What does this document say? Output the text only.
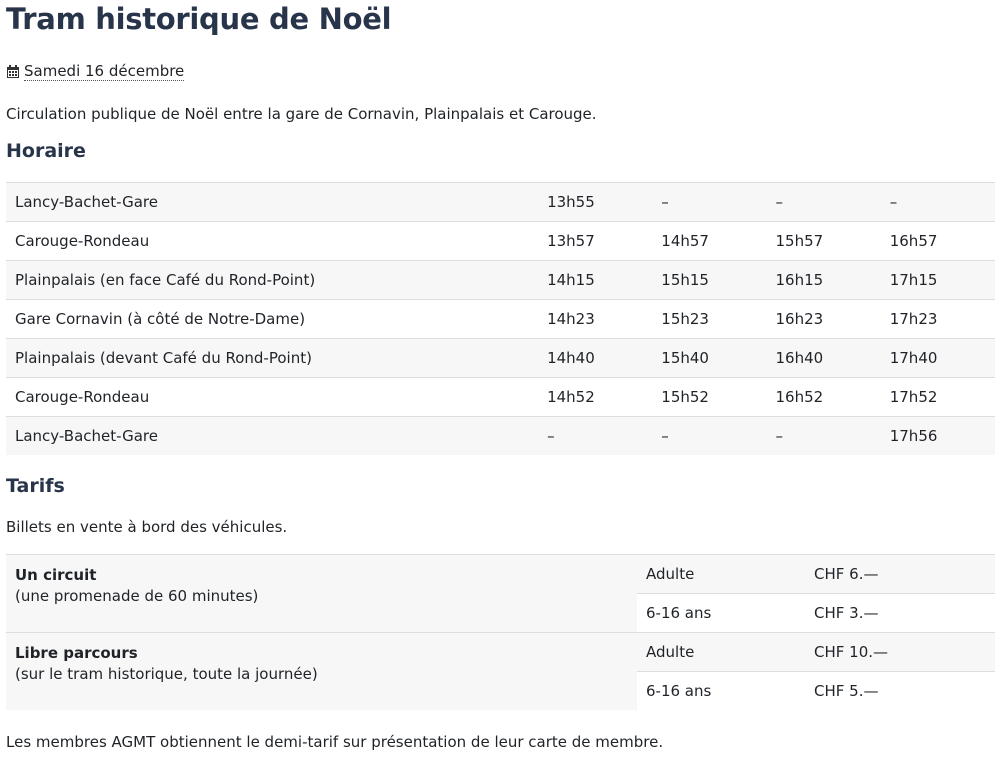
Tram historique de Noël
Samedi 16 décembre

Circulation publique de Noël entre la gare de Cornavin, Plainpalais et Carouge.

Horaire
Lancy-Bachet-Gare	13h55	–	–	–
Carouge-Rondeau	13h57	14h57	15h57	16h57
Plainpalais (en face Café du Rond-Point)	14h15	15h15	16h15	17h15
Gare Cornavin (à côté de Notre-Dame)	14h23	15h23	16h23	17h23
Plainpalais (devant Café du Rond-Point)	14h40	15h40	16h40	17h40
Carouge-Rondeau	14h52	15h52	16h52	17h52
Lancy-Bachet-Gare	–	–	–	17h56
Tarifs

Billets en vente à bord des véhicules.

Un circuit
(une promenade de 60 minutes)	Adulte	CHF 6.—
	6-16 ans	CHF 3.—

Libre parcours
(sur le tram historique, toute la journée)	Adulte	CHF 10.—
	6-16 ans	CHF 5.—

Les membres AGMT obtiennent le demi-tarif sur présentation de leur carte de membre.
